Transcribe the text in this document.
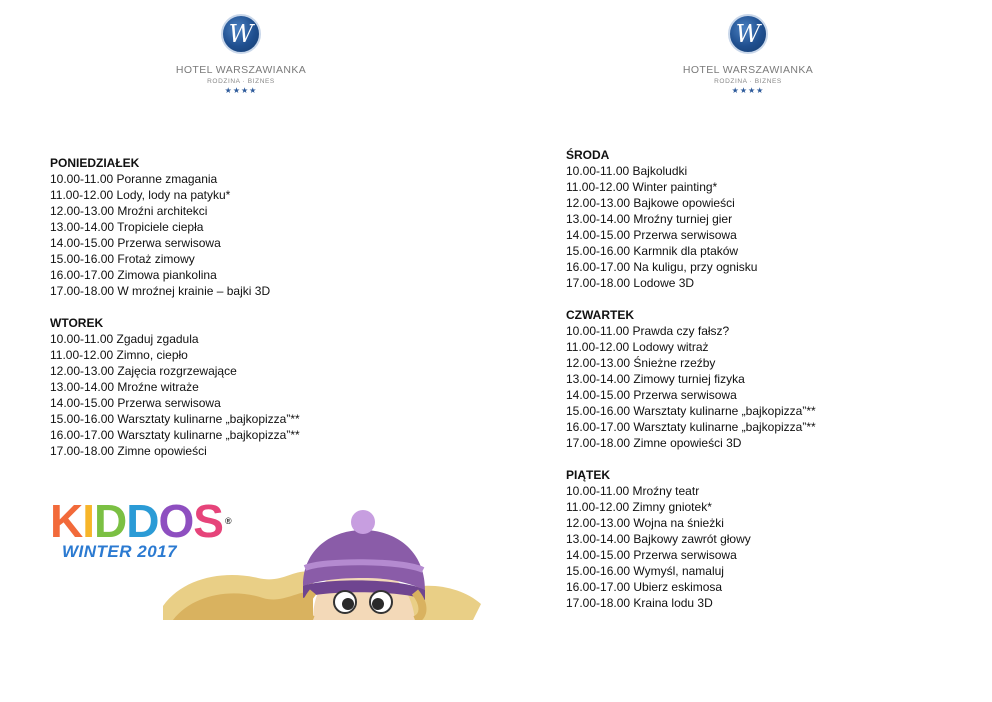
W
HOTEL WARSZAWIANKA
RODZINA · BIZNES
★★★★
W
HOTEL WARSZAWIANKA
RODZINA · BIZNES
★★★★
PONIEDZIAŁEK
10.00-11.00 Poranne zmagania
11.00-12.00 Lody, lody na patyku*
12.00-13.00 Mroźni architekci
13.00-14.00 Tropiciele ciepła
14.00-15.00 Przerwa serwisowa
15.00-16.00 Frotaż zimowy
16.00-17.00 Zimowa piankolina
17.00-18.00 W mroźnej krainie – bajki 3D
WTOREK
10.00-11.00 Zgaduj zgadula
11.00-12.00 Zimno, ciepło
12.00-13.00 Zajęcia rozgrzewające
13.00-14.00 Mroźne witraże
14.00-15.00 Przerwa serwisowa
15.00-16.00 Warsztaty kulinarne „bajkopizza”**
16.00-17.00 Warsztaty kulinarne „bajkopizza”**
17.00-18.00 Zimne opowieści
ŚRODA
10.00-11.00 Bajkoludki
11.00-12.00 Winter painting*
12.00-13.00 Bajkowe opowieści
13.00-14.00 Mroźny turniej gier
14.00-15.00 Przerwa serwisowa
15.00-16.00 Karmnik dla ptaków
16.00-17.00 Na kuligu, przy ognisku
17.00-18.00 Lodowe 3D
CZWARTEK
10.00-11.00 Prawda czy fałsz?
11.00-12.00 Lodowy witraż
12.00-13.00 Śnieżne rzeźby
13.00-14.00 Zimowy turniej fizyka
14.00-15.00 Przerwa serwisowa
15.00-16.00 Warsztaty kulinarne „bajkopizza”**
16.00-17.00 Warsztaty kulinarne „bajkopizza”**
17.00-18.00 Zimne opowieści 3D
PIĄTEK
10.00-11.00 Mroźny teatr
11.00-12.00 Zimny gniotek*
12.00-13.00 Wojna na śnieżki
13.00-14.00 Bajkowy zawrót głowy
14.00-15.00 Przerwa serwisowa
15.00-16.00 Wymyśl, namaluj
16.00-17.00 Ubierz eskimosa
17.00-18.00 Kraina lodu 3D
K I D D O S ®
WINTER 2017
